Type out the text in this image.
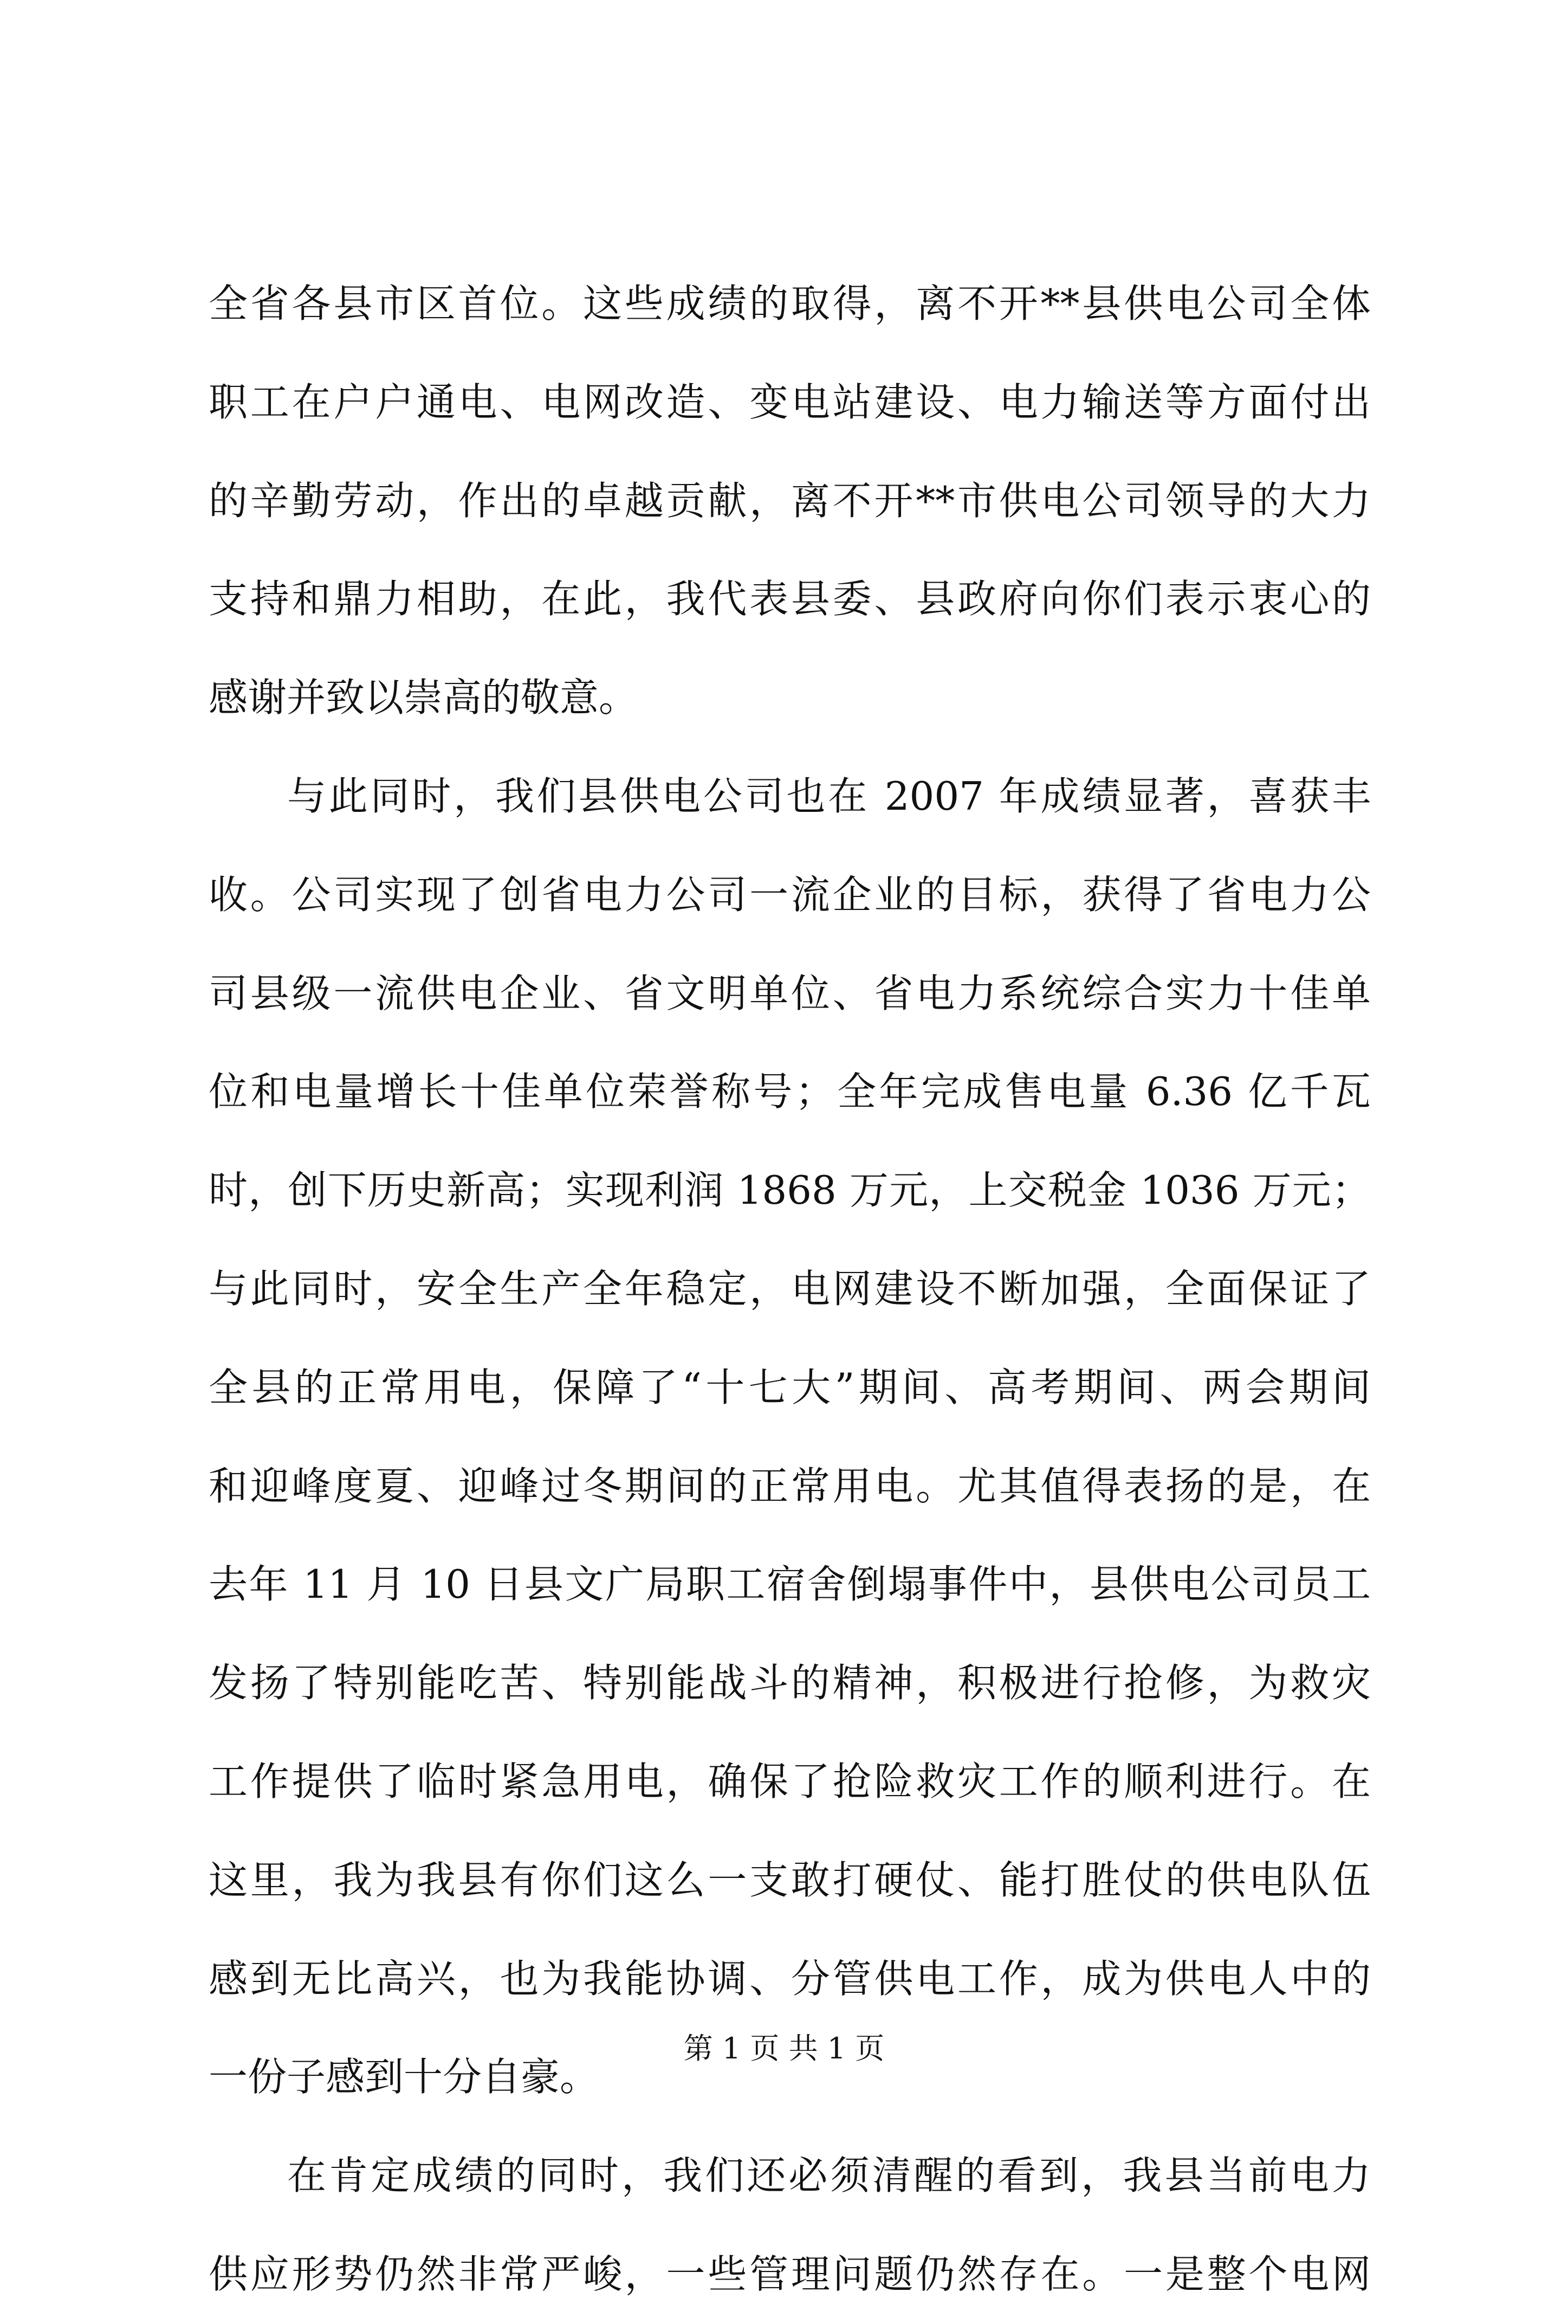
全省各县市区首位。这些成绩的取得，离不开**县供电公司全体
职工在户户通电、电网改造、变电站建设、电力输送等方面付出
的辛勤劳动，作出的卓越贡献，离不开**市供电公司领导的大力
支持和鼎力相助，在此，我代表县委、县政府向你们表示衷心的
感谢并致以崇高的敬意。
与此同时，我们县供电公司也在 2007 年成绩显著，喜获丰
收。公司实现了创省电力公司一流企业的目标，获得了省电力公
司县级一流供电企业、省文明单位、省电力系统综合实力十佳单
位和电量增长十佳单位荣誉称号；全年完成售电量 6.36 亿千瓦
时，创下历史新高；实现利润 1868 万元，上交税金 1036 万元；
与此同时，安全生产全年稳定，电网建设不断加强，全面保证了
全县的正常用电，保障了“十七大”期间、高考期间、两会期间
和迎峰度夏、迎峰过冬期间的正常用电。尤其值得表扬的是，在
去年 11 月 10 日县文广局职工宿舍倒塌事件中，县供电公司员工
发扬了特别能吃苦、特别能战斗的精神，积极进行抢修，为救灾
工作提供了临时紧急用电，确保了抢险救灾工作的顺利进行。在
这里，我为我县有你们这么一支敢打硬仗、能打胜仗的供电队伍
感到无比高兴，也为我能协调、分管供电工作，成为供电人中的
一份子感到十分自豪。
在肯定成绩的同时，我们还必须清醒的看到，我县当前电力
供应形势仍然非常严峻，一些管理问题仍然存在。一是整个电网
第 1 页 共 1 页
